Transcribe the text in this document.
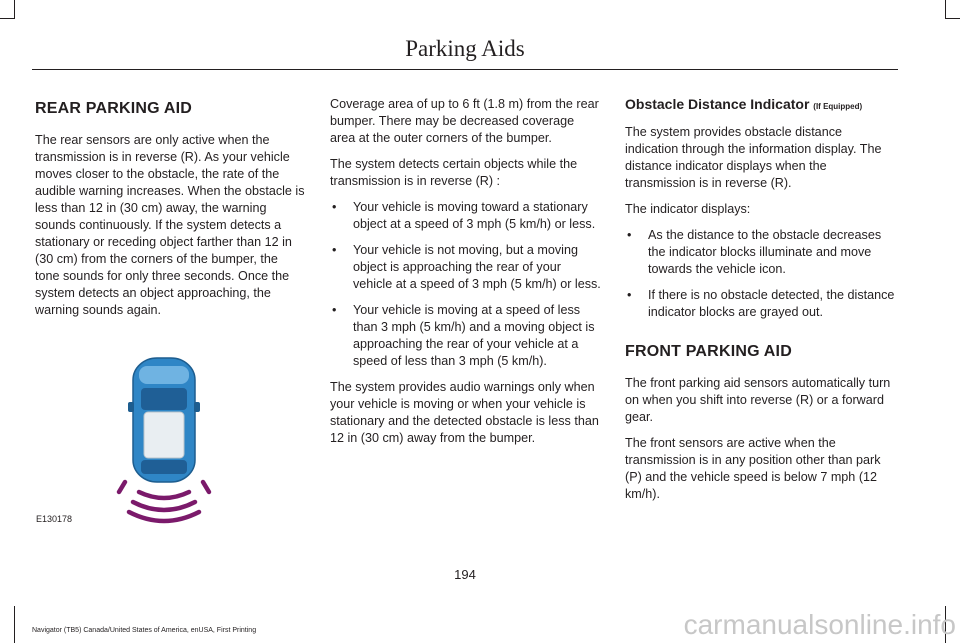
Parking Aids
REAR PARKING AID

The rear sensors are only active when the transmission is in reverse (R). As your vehicle moves closer to the obstacle, the rate of the audible warning increases. When the obstacle is less than 12 in (30 cm) away, the warning sounds continuously. If the system detects a stationary or receding object farther than 12 in (30 cm) from the corners of the bumper, the tone sounds for only three seconds. Once the system detects an object approaching, the warning sounds again.

E130178

Coverage area of up to 6 ft (1.8 m) from the rear bumper. There may be decreased coverage area at the outer corners of the bumper.

The system detects certain objects while the transmission is in reverse (R) :

• Your vehicle is moving toward a stationary object at a speed of 3 mph (5 km/h) or less.
• Your vehicle is not moving, but a moving object is approaching the rear of your vehicle at a speed of 3 mph (5 km/h) or less.
• Your vehicle is moving at a speed of less than 3 mph (5 km/h) and a moving object is approaching the rear of your vehicle at a speed of less than 3 mph (5 km/h).

The system provides audio warnings only when your vehicle is moving or when your vehicle is stationary and the detected obstacle is less than 12 in (30 cm) away from the bumper.

Obstacle Distance Indicator (If Equipped)

The system provides obstacle distance indication through the information display. The distance indicator displays when the transmission is in reverse (R).

The indicator displays:

• As the distance to the obstacle decreases the indicator blocks illuminate and move towards the vehicle icon.
• If there is no obstacle detected, the distance indicator blocks are grayed out.
FRONT PARKING AID

The front parking aid sensors automatically turn on when you shift into reverse (R) or a forward gear.

The front sensors are active when the transmission is in any position other than park (P) and the vehicle speed is below 7 mph (12 km/h).

194
Navigator (TB5) Canada/United States of America, enUSA, First Printing	carmanualsonline.info
